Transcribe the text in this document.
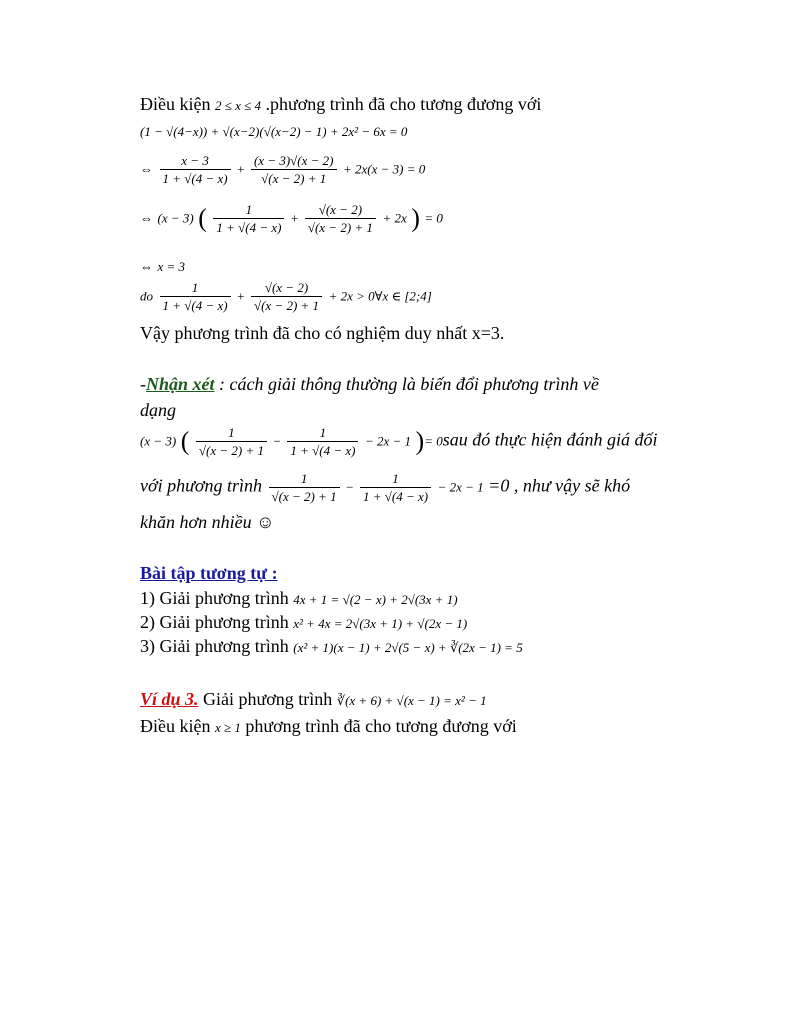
Điều kiện 2 ≤ x ≤ 4 .phương trình đã cho tương đương với
(1 − √(4−x)) + √(x−2)(√(x−2) − 1) + 2x² − 6x = 0
⇔ $\frac{x - 3}{1 + √(4 - x)} + \frac{(x - 3)√(x - 2)}{√(x - 2) + 1} + 2x(x - 3) = 0$
⇔ (x − 3) ( $\frac{1}{1 + √(4 - x)} + \frac{√(x - 2)}{√(x - 2) + 1} + 2x$ ) = 0
⇔ x = 3
do $\frac{1}{1 + √(4 - x)} + \frac{√(x - 2)}{√(x - 2) + 1} + 2x$ > 0∀x ∈ [2;4]
Vậy phương trình đã cho có nghiệm duy nhất x=3.
-Nhận xét : cách giải thông thường là biến đổi phương trình về
dạng
(x − 3) ( $\frac{1}{√(x - 2) + 1} - \frac{1}{1 + √(4 - x)} - 2x - 1$ )= 0sau đó thực hiện đánh giá đối
với phương trình $\frac{1}{√(x - 2) + 1} - \frac{1}{1 + √(4 - x)} - 2x - 1 =0$ , như vậy sẽ khó
khăn hơn nhiều ☺
Bài tập tương tự :
1) Giải phương trình 4x + 1 = √(2 − x) + 2√(3x + 1)
2) Giải phương trình x² + 4x = 2√(3x + 1) + √(2x − 1)
3) Giải phương trình (x² + 1)(x − 1) + 2√(5 − x) + ∛(2x − 1) = 5
Ví dụ 3. Giải phương trình ∛(x + 6) + √(x − 1) = x² − 1
Điều kiện x ≥ 1 phương trình đã cho tương đương với
